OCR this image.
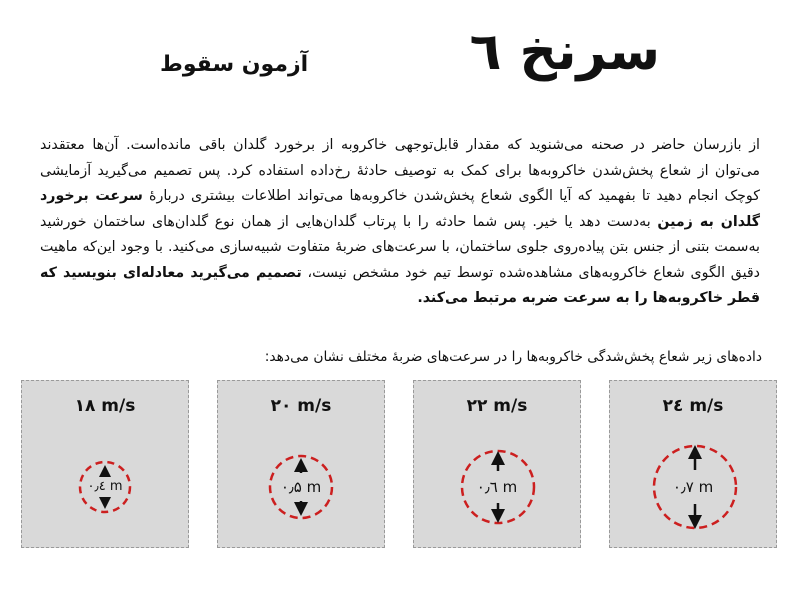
سرنخ ٦
آزمون سقوط
از بازرسان حاضر در صحنه می‌شنوید که مقدار قابل‌توجهی خاکروبه از برخورد گلدان باقی مانده‌است. آن‌ها معتقدند می‌توان از شعاع پخش‌شدن خاکروبه‌ها برای کمک به توصیف حادثهٔ رخ‌داده استفاده کرد. پس تصمیم می‌گیرید آزمایشی کوچک انجام دهید تا بفهمید که آیا الگوی شعاع پخش‌شدن خاکروبه‌ها می‌تواند اطلاعات بیشتری دربارهٔ سرعت برخورد گلدان به زمین به‌دست دهد یا خیر. پس شما حادثه را با پرتاب گلدان‌هایی از همان نوع گلدان‌های ساختمان خورشید به‌سمت بتنی از جنس بتن پیاده‌روی جلوی ساختمان، با سرعت‌های ضربهٔ متفاوت شبیه‌سازی می‌کنید. با وجود این‌که ماهیت دقیق الگوی شعاع خاکروبه‌های مشاهده‌شده توسط تیم خود مشخص نیست، تصمیم می‌گیرید معادله‌ای بنویسید که قطر خاکروبه‌ها را به سرعت ضربه مرتبط می‌کند.
داده‌های زیر شعاع پخش‌شدگی خاکروبه‌ها را در سرعت‌های ضربهٔ مختلف نشان می‌دهد:
۲٤ m/s
۰٫۷ m
۲۲ m/s
۰٫٦ m
۲۰ m/s
۰٫۵ m
۱۸ m/s
۰٫٤ m
